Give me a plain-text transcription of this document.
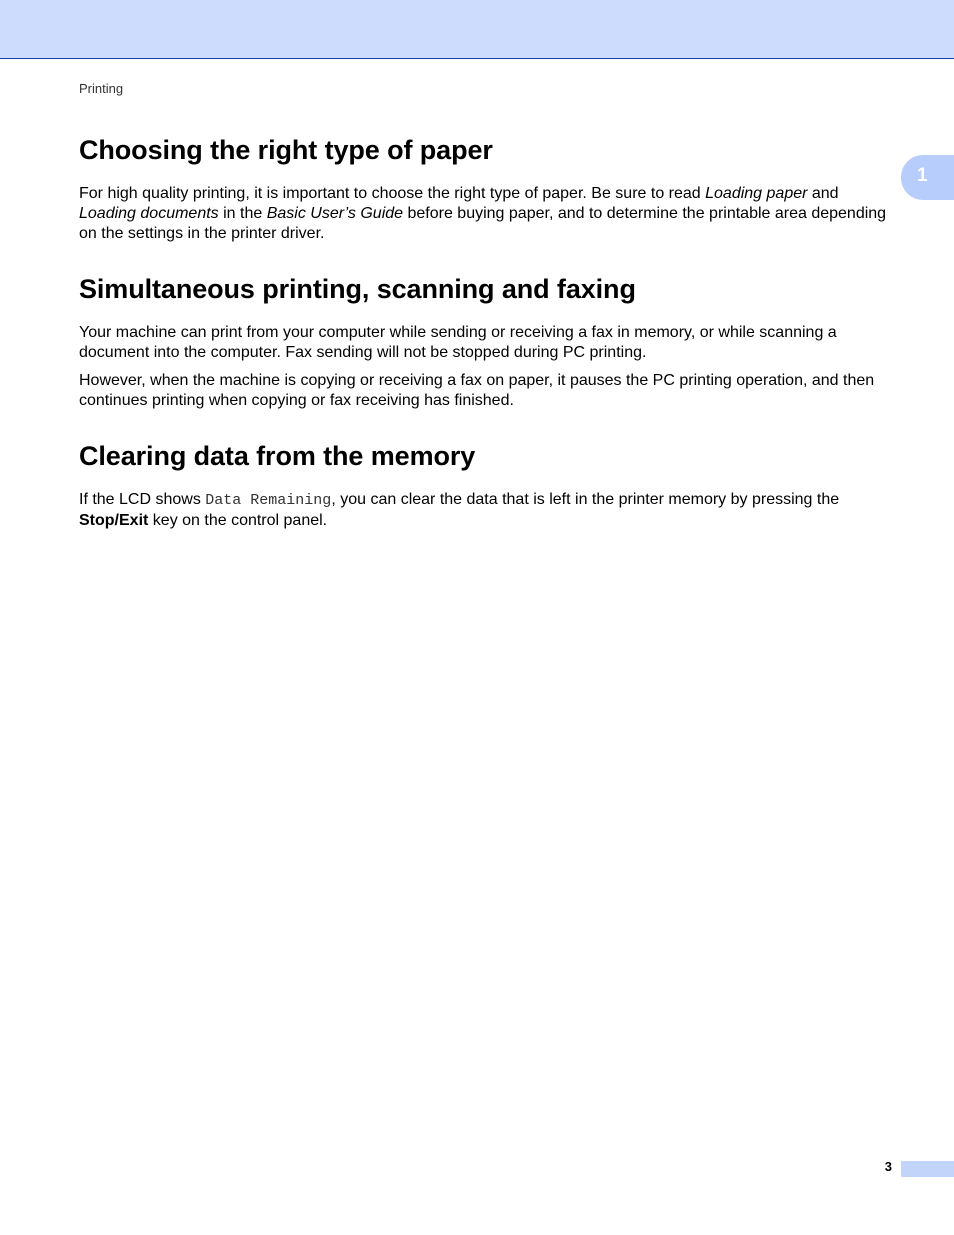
Printing
1
Choosing the right type of paper

For high quality printing, it is important to choose the right type of paper. Be sure to read Loading paper and Loading documents in the Basic User’s Guide before buying paper, and to determine the printable area depending on the settings in the printer driver.

Simultaneous printing, scanning and faxing

Your machine can print from your computer while sending or receiving a fax in memory, or while scanning a document into the computer. Fax sending will not be stopped during PC printing.

However, when the machine is copying or receiving a fax on paper, it pauses the PC printing operation, and then continues printing when copying or fax receiving has finished.

Clearing data from the memory

If the LCD shows Data Remaining, you can clear the data that is left in the printer memory by pressing the Stop/Exit key on the control panel.

3
